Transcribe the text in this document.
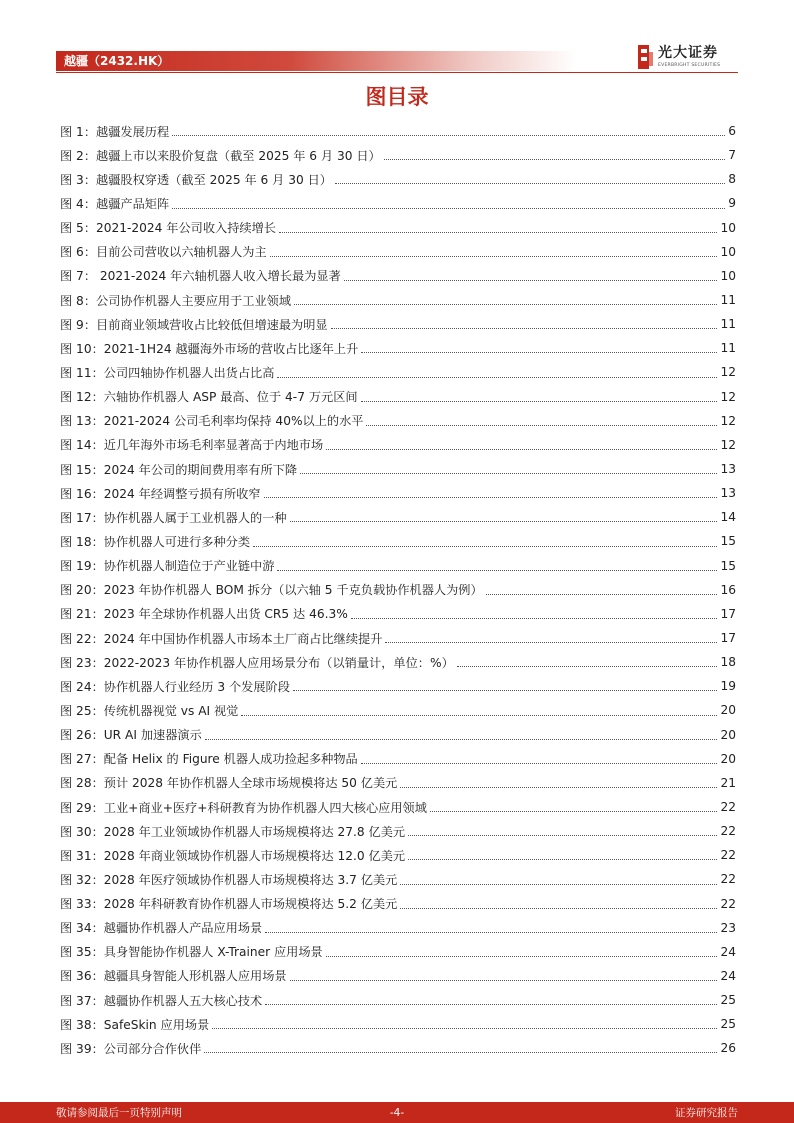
越疆（2432.HK）	光大证券
EVERBRIGHT SECURITIES
图目录
图 1：越疆发展历程	6
图 2：越疆上市以来股价复盘（截至 2025 年 6 月 30 日）	7
图 3：越疆股权穿透（截至 2025 年 6 月 30 日）	8
图 4：越疆产品矩阵	9
图 5：2021-2024 年公司收入持续增长	10
图 6：目前公司营收以六轴机器人为主	10
图 7： 2021-2024 年六轴机器人收入增长最为显著	10
图 8：公司协作机器人主要应用于工业领域	11
图 9：目前商业领域营收占比较低但增速最为明显	11
图 10：2021-1H24 越疆海外市场的营收占比逐年上升	11
图 11：公司四轴协作机器人出货占比高	12
图 12：六轴协作机器人 ASP 最高、位于 4-7 万元区间	12
图 13：2021-2024 公司毛利率均保持 40%以上的水平	12
图 14：近几年海外市场毛利率显著高于内地市场	12
图 15：2024 年公司的期间费用率有所下降	13
图 16：2024 年经调整亏损有所收窄	13
图 17：协作机器人属于工业机器人的一种	14
图 18：协作机器人可进行多种分类	15
图 19：协作机器人制造位于产业链中游	15
图 20：2023 年协作机器人 BOM 拆分（以六轴 5 千克负载协作机器人为例）	16
图 21：2023 年全球协作机器人出货 CR5 达 46.3%	17
图 22：2024 年中国协作机器人市场本土厂商占比继续提升	17
图 23：2022-2023 年协作机器人应用场景分布（以销量计，单位：%）	18
图 24：协作机器人行业经历 3 个发展阶段	19
图 25：传统机器视觉 vs AI 视觉	20
图 26：UR AI 加速器演示	20
图 27：配备 Helix 的 Figure 机器人成功捡起多种物品	20
图 28：预计 2028 年协作机器人全球市场规模将达 50 亿美元	21
图 29：工业+商业+医疗+科研教育为协作机器人四大核心应用领域	22
图 30：2028 年工业领域协作机器人市场规模将达 27.8 亿美元	22
图 31：2028 年商业领域协作机器人市场规模将达 12.0 亿美元	22
图 32：2028 年医疗领域协作机器人市场规模将达 3.7 亿美元	22
图 33：2028 年科研教育协作机器人市场规模将达 5.2 亿美元	22
图 34：越疆协作机器人产品应用场景	23
图 35：具身智能协作机器人 X-Trainer 应用场景	24
图 36：越疆具身智能人形机器人应用场景	24
图 37：越疆协作机器人五大核心技术	25
图 38：SafeSkin 应用场景	25
图 39：公司部分合作伙伴	26
敬请参阅最后一页特别声明	-4-	证券研究报告
